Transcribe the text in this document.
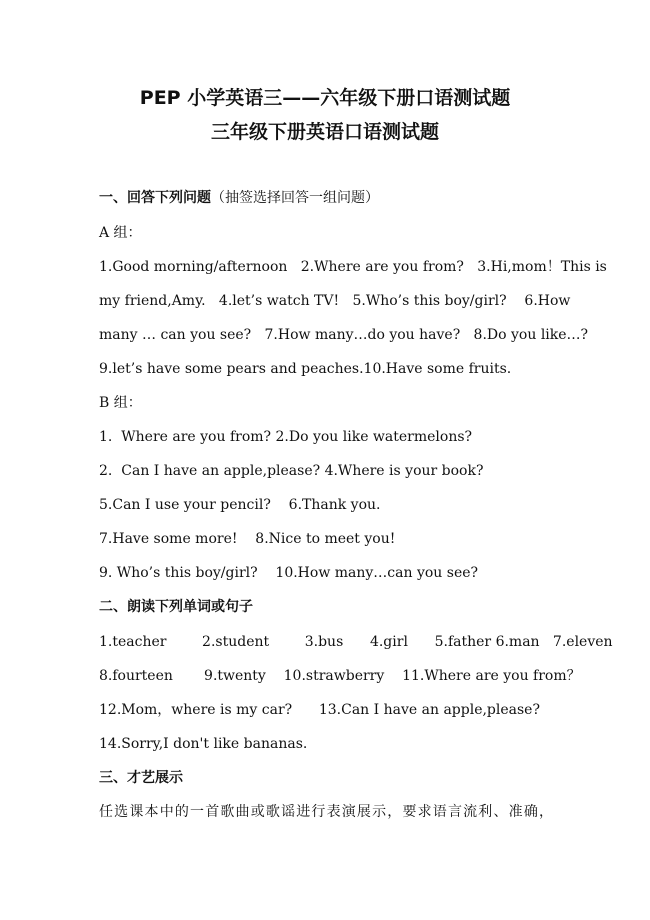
PEP 小学英语三——六年级下册口语测试题
三年级下册英语口语测试题
一、回答下列问题（抽签选择回答一组问题）
A 组：
1.Good morning/afternoon   2.Where are you from?   3.Hi,mom！This is
my friend,Amy.   4.let’s watch TV!   5.Who’s this boy/girl?    6.How
many … can you see?   7.How many…do you have?   8.Do you like…?
9.let’s have some pears and peaches.10.Have some fruits.
B 组：
1.  Where are you from? 2.Do you like watermelons?
2.  Can I have an apple,please? 4.Where is your book?
5.Can I use your pencil?    6.Thank you.
7.Have some more!    8.Nice to meet you!
9. Who’s this boy/girl?    10.How many…can you see?
二、朗读下列单词或句子
1.teacher        2.student        3.bus      4.girl      5.father 6.man   7.eleven
8.fourteen       9.twenty    10.strawberry    11.Where are you from？
12.Mom，where is my car?      13.Can I have an apple,please?
14.Sorry,I don't like bananas.
三、才艺展示
任选课本中的一首歌曲或歌谣进行表演展示，要求语言流利、准确，
